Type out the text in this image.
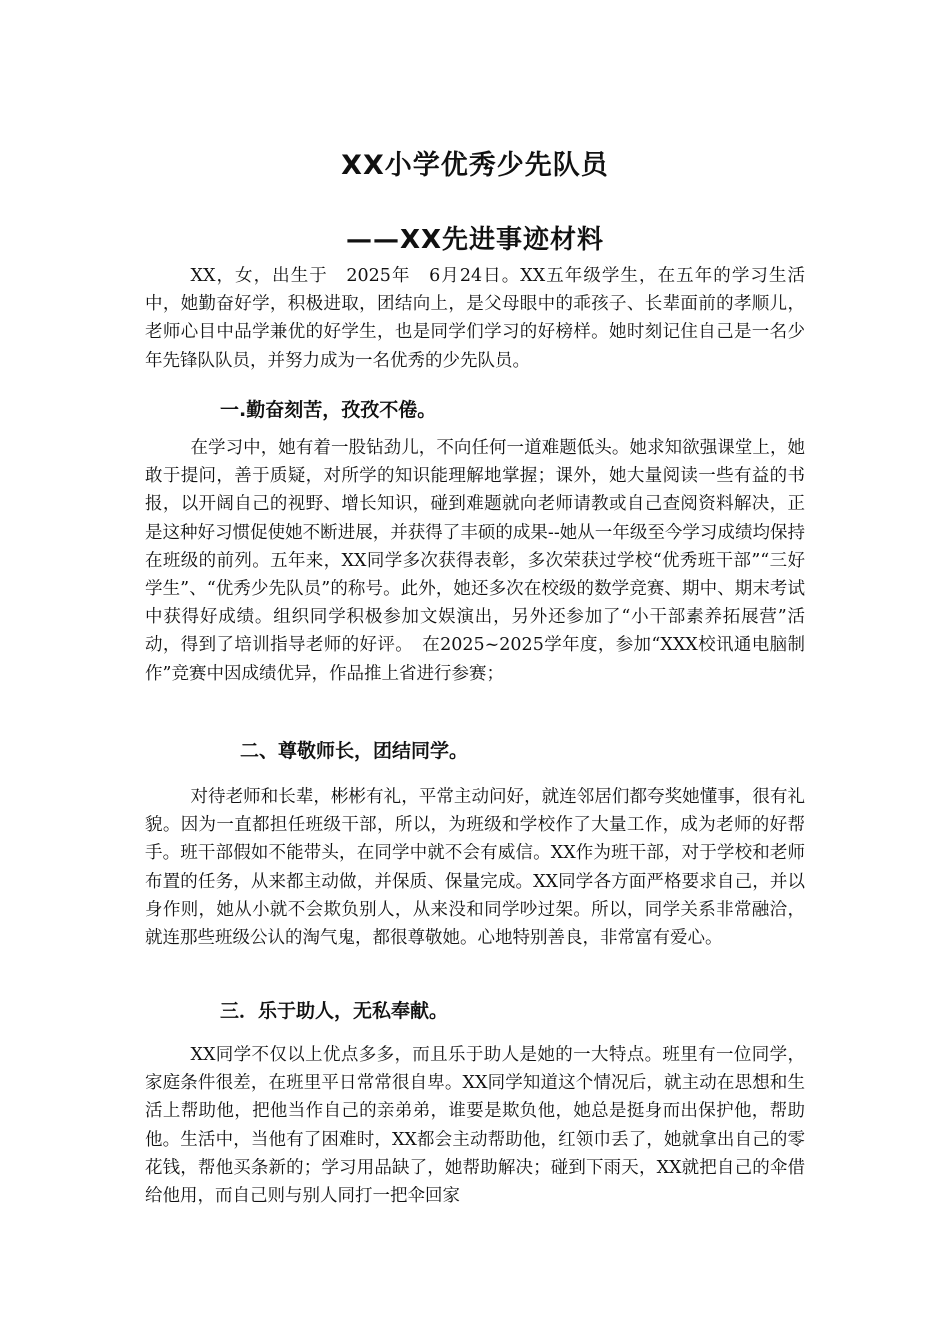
XX小学优秀少先队员
——XX先进事迹材料

XX，女，出生于　2025年　6月24日。XX五年级学生，在五年的学习生活中，她勤奋好学，积极进取，团结向上，是父母眼中的乖孩子、长辈面前的孝顺儿，老师心目中品学兼优的好学生，也是同学们学习的好榜样。她时刻记住自己是一名少年先锋队队员，并努力成为一名优秀的少先队员。

一.勤奋刻苦，孜孜不倦。

在学习中，她有着一股钻劲儿，不向任何一道难题低头。她求知欲强课堂上，她敢于提问，善于质疑，对所学的知识能理解地掌握；课外，她大量阅读一些有益的书报，以开阔自己的视野、增长知识，碰到难题就向老师请教或自己查阅资料解决，正是这种好习惯促使她不断进展，并获得了丰硕的成果--她从一年级至今学习成绩均保持在班级的前列。五年来，XX同学多次获得表彰，多次荣获过学校“优秀班干部”“三好学生”、“优秀少先队员”的称号。此外，她还多次在校级的数学竞赛、期中、期末考试中获得好成绩。组织同学积极参加文娱演出，另外还参加了“小干部素养拓展营”活动，得到了培训指导老师的好评。　在2025~2025学年度，参加“XXX校讯通电脑制作”竞赛中因成绩优异，作品推上省进行参赛；

二、尊敬师长，团结同学。

对待老师和长辈，彬彬有礼，平常主动问好，就连邻居们都夸奖她懂事，很有礼貌。因为一直都担任班级干部，所以，为班级和学校作了大量工作，成为老师的好帮手。班干部假如不能带头，在同学中就不会有威信。XX作为班干部，对于学校和老师布置的任务，从来都主动做，并保质、保量完成。XX同学各方面严格要求自己，并以身作则，她从小就不会欺负别人，从来没和同学吵过架。所以，同学关系非常融洽，就连那些班级公认的淘气鬼，都很尊敬她。心地特别善良，非常富有爱心。

三．乐于助人，无私奉献。

XX同学不仅以上优点多多，而且乐于助人是她的一大特点。班里有一位同学，家庭条件很差，在班里平日常常很自卑。XX同学知道这个情况后，就主动在思想和生活上帮助他，把他当作自己的亲弟弟，谁要是欺负他，她总是挺身而出保护他，帮助他。生活中，当他有了困难时，XX都会主动帮助他，红领巾丢了，她就拿出自己的零花钱，帮他买条新的；学习用品缺了，她帮助解决；碰到下雨天，XX就把自己的伞借给他用，而自己则与别人同打一把伞回家
